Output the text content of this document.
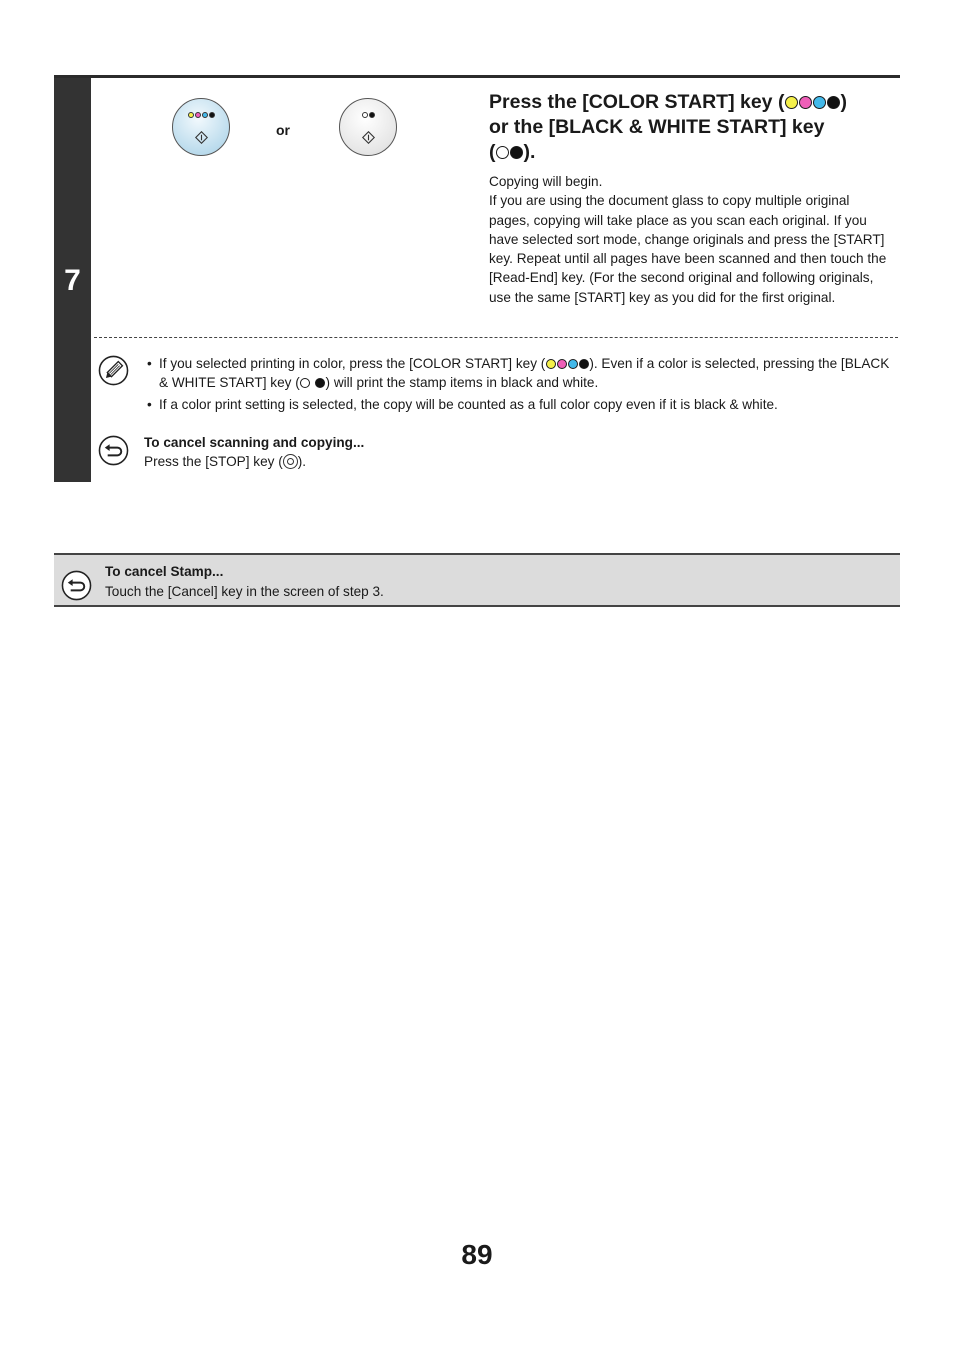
7
or
Press the [COLOR START] key (	)
or the [BLACK & WHITE START] key
( ).

Copying will begin.

If you are using the document glass to copy multiple original pages, copying will take place as you scan each original. If you have selected sort mode, change originals and press the [START] key. Repeat until all pages have been scanned and then touch the [Read-End] key. (For the second original and following originals, use the same [START] key as you did for the first original.

• If you selected printing in color, press the [COLOR START] key (	). Even if a color is selected, pressing the [BLACK & WHITE START] key ( ) will print the stamp items in black and white.
• If a color print setting is selected, the copy will be counted as a full color copy even if it is black & white.
To cancel scanning and copying...
Press the [STOP] key ( ).
To cancel Stamp...
Touch the [Cancel] key in the screen of step 3.
89
